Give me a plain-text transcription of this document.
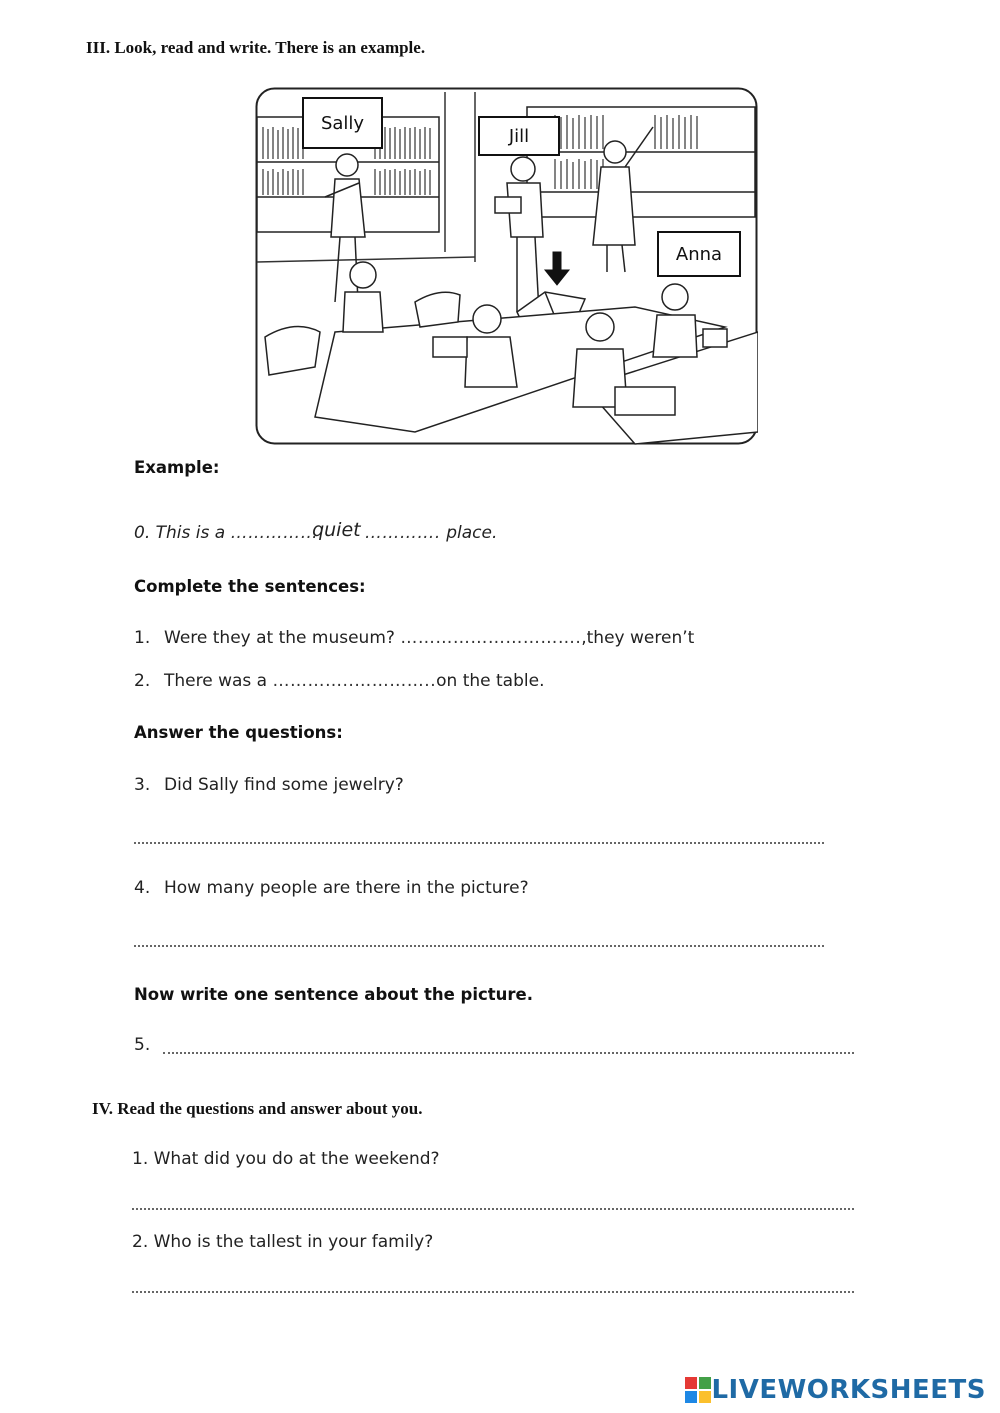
III. Look, read and write. There is an example.
Sally
Jill
Anna
Example:
0. This is a ……………
quiet …………. place.
Complete the sentences:
1. Were they at the museum? ………………………….,they weren’t
2. There was a …………..…………..on the table.
Answer the questions:
3. Did Sally find some jewelry?
4. How many people are there in the picture?
Now write one sentence about the picture.
5.
IV. Read the questions and answer about you.
1. What did you do at the weekend?
2. Who is the tallest in your family?
LIVEWORKSHEETS
